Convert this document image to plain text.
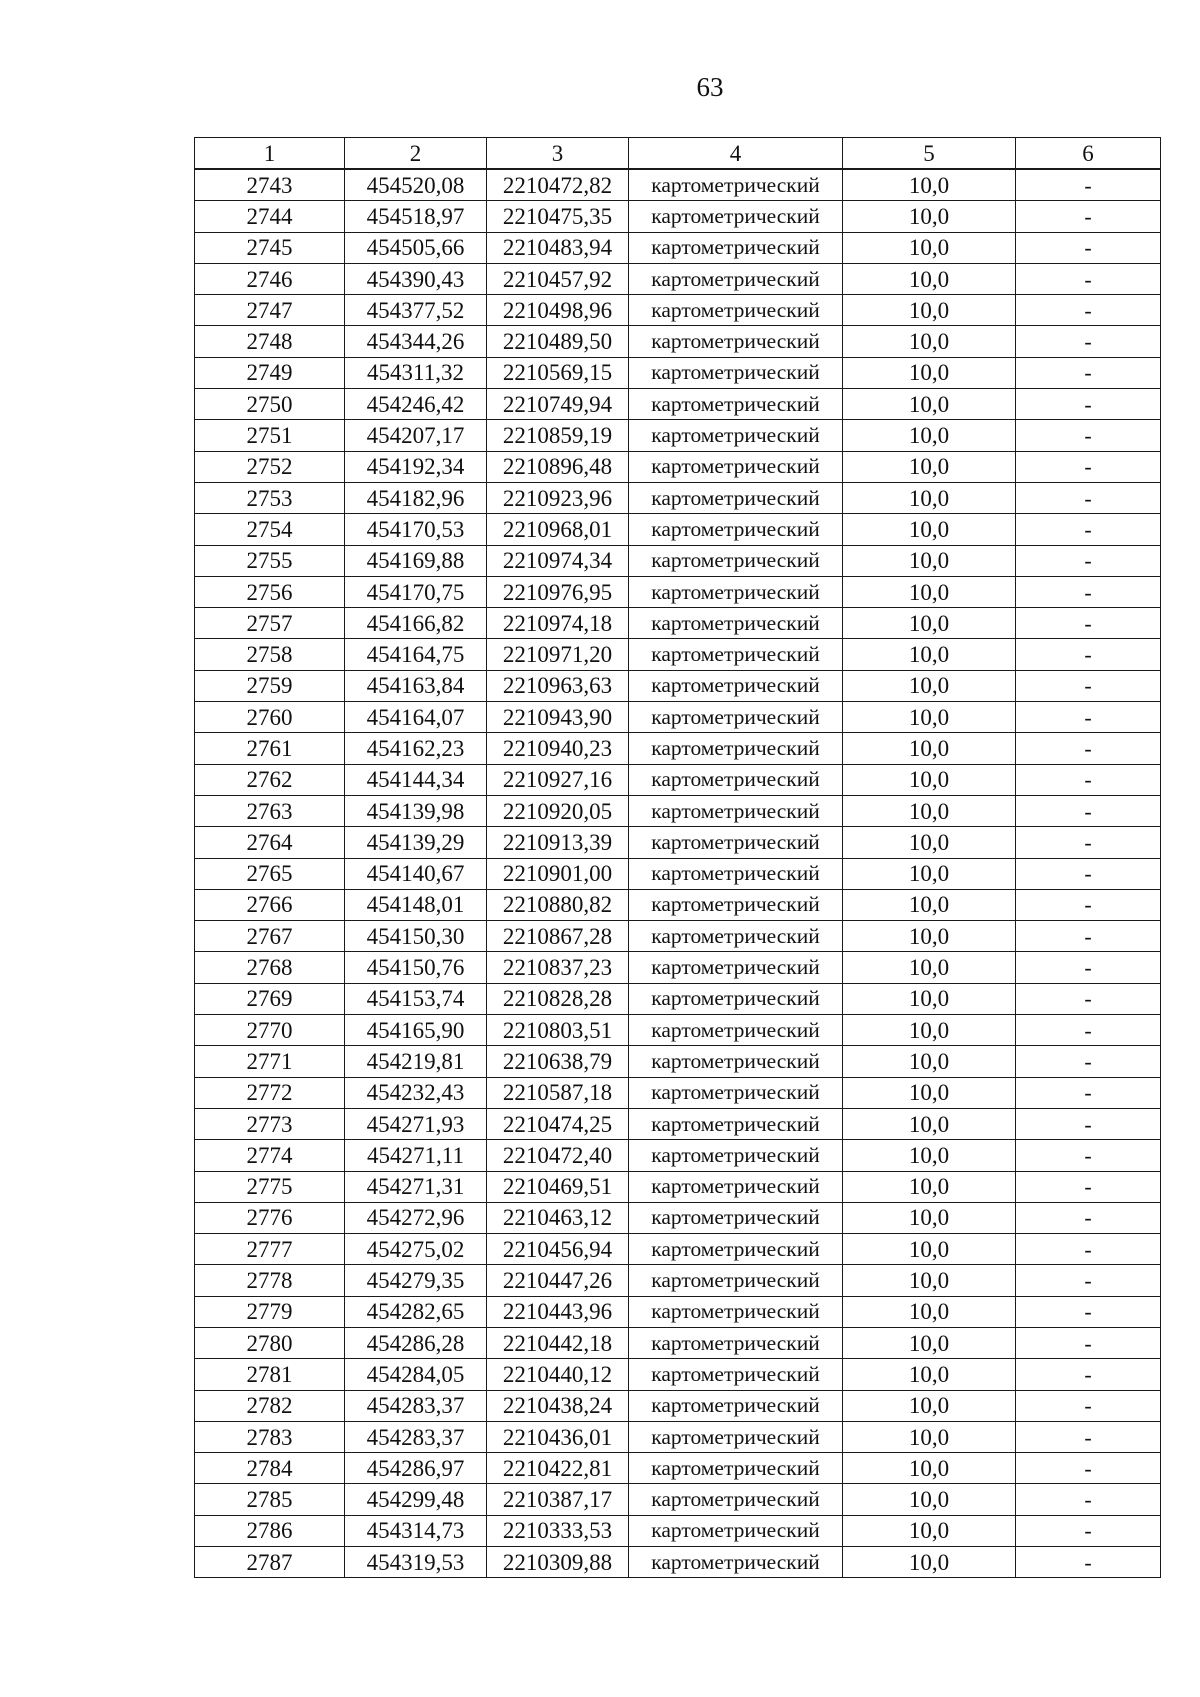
63
1	2	3	4	5	6
2743	454520,08	2210472,82	картометрический	10,0	-
2744	454518,97	2210475,35	картометрический	10,0	-
2745	454505,66	2210483,94	картометрический	10,0	-
2746	454390,43	2210457,92	картометрический	10,0	-
2747	454377,52	2210498,96	картометрический	10,0	-
2748	454344,26	2210489,50	картометрический	10,0	-
2749	454311,32	2210569,15	картометрический	10,0	-
2750	454246,42	2210749,94	картометрический	10,0	-
2751	454207,17	2210859,19	картометрический	10,0	-
2752	454192,34	2210896,48	картометрический	10,0	-
2753	454182,96	2210923,96	картометрический	10,0	-
2754	454170,53	2210968,01	картометрический	10,0	-
2755	454169,88	2210974,34	картометрический	10,0	-
2756	454170,75	2210976,95	картометрический	10,0	-
2757	454166,82	2210974,18	картометрический	10,0	-
2758	454164,75	2210971,20	картометрический	10,0	-
2759	454163,84	2210963,63	картометрический	10,0	-
2760	454164,07	2210943,90	картометрический	10,0	-
2761	454162,23	2210940,23	картометрический	10,0	-
2762	454144,34	2210927,16	картометрический	10,0	-
2763	454139,98	2210920,05	картометрический	10,0	-
2764	454139,29	2210913,39	картометрический	10,0	-
2765	454140,67	2210901,00	картометрический	10,0	-
2766	454148,01	2210880,82	картометрический	10,0	-
2767	454150,30	2210867,28	картометрический	10,0	-
2768	454150,76	2210837,23	картометрический	10,0	-
2769	454153,74	2210828,28	картометрический	10,0	-
2770	454165,90	2210803,51	картометрический	10,0	-
2771	454219,81	2210638,79	картометрический	10,0	-
2772	454232,43	2210587,18	картометрический	10,0	-
2773	454271,93	2210474,25	картометрический	10,0	-
2774	454271,11	2210472,40	картометрический	10,0	-
2775	454271,31	2210469,51	картометрический	10,0	-
2776	454272,96	2210463,12	картометрический	10,0	-
2777	454275,02	2210456,94	картометрический	10,0	-
2778	454279,35	2210447,26	картометрический	10,0	-
2779	454282,65	2210443,96	картометрический	10,0	-
2780	454286,28	2210442,18	картометрический	10,0	-
2781	454284,05	2210440,12	картометрический	10,0	-
2782	454283,37	2210438,24	картометрический	10,0	-
2783	454283,37	2210436,01	картометрический	10,0	-
2784	454286,97	2210422,81	картометрический	10,0	-
2785	454299,48	2210387,17	картометрический	10,0	-
2786	454314,73	2210333,53	картометрический	10,0	-
2787	454319,53	2210309,88	картометрический	10,0	-
